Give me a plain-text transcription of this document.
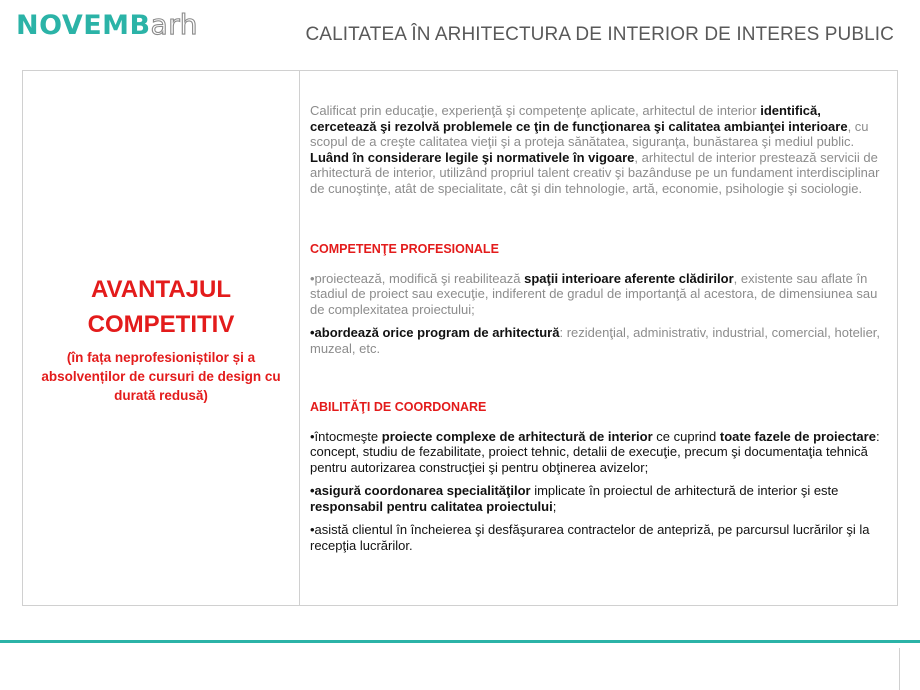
NOVEMBarh	CALITATEA ÎN ARHITECTURA DE INTERIOR DE INTERES PUBLIC
AVANTAJUL
COMPETITIV
(în fața neprofesioniștilor și a absolvenților de cursuri de design cu durată redusă)

Calificat prin educaţie, experienţă şi competenţe aplicate, arhitectul de interior identifică, cercetează şi rezolvă problemele ce ţin de funcţionarea şi calitatea ambianţei interioare, cu scopul de a creşte calitatea vieţii şi a proteja sănătatea, siguranţa, bunăstarea şi mediul public. Luând în considerare legile şi normativele în vigoare, arhitectul de interior prestează servicii de arhitectură de interior, utilizând propriul talent creativ şi bazânduse pe un fundament interdisciplinar de cunoştinţe, atât de specialitate, cât şi din tehnologie, artă, economie, psihologie şi sociologie.

COMPETENŢE PROFESIONALE

•proiectează, modifică şi reabilitează spaţii interioare aferente clădirilor, existente sau aflate în stadiul de proiect sau execuţie, indiferent de gradul de importanţă al acestora, de dimensiunea sau de complexitatea proiectului;

•abordează orice program de arhitectură: rezidenţial, administrativ, industrial, comercial, hotelier, muzeal, etc.

ABILITĂŢI DE COORDONARE

•întocmeşte proiecte complexe de arhitectură de interior ce cuprind toate fazele de proiectare: concept, studiu de fezabilitate, proiect tehnic, detalii de execuţie, precum şi documentaţia tehnică pentru autorizarea construcţiei şi pentru obţinerea avizelor;

•asigură coordonarea specialităţilor implicate în proiectul de arhitectură de interior şi este responsabil pentru calitatea proiectului;

•asistă clientul în încheierea şi desfăşurarea contractelor de antepriză, pe parcursul lucrărilor şi la recepţia lucrărilor.
